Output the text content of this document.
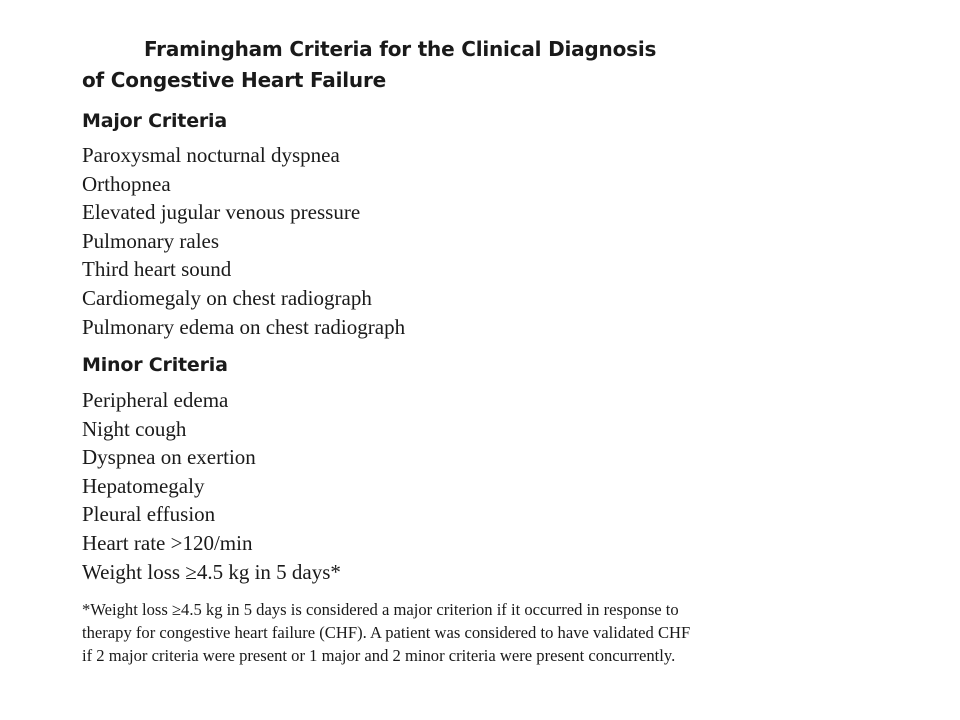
Framingham Criteria for the Clinical Diagnosis
of Congestive Heart Failure
Major Criteria
Paroxysmal nocturnal dyspnea
Orthopnea
Elevated jugular venous pressure
Pulmonary rales
Third heart sound
Cardiomegaly on chest radiograph
Pulmonary edema on chest radiograph
Minor Criteria
Peripheral edema
Night cough
Dyspnea on exertion
Hepatomegaly
Pleural effusion
Heart rate >120/min
Weight loss ≥4.5 kg in 5 days*

*Weight loss ≥4.5 kg in 5 days is considered a major criterion if it occurred in response to
therapy for congestive heart failure (CHF). A patient was considered to have validated CHF
if 2 major criteria were present or 1 major and 2 minor criteria were present concurrently.
